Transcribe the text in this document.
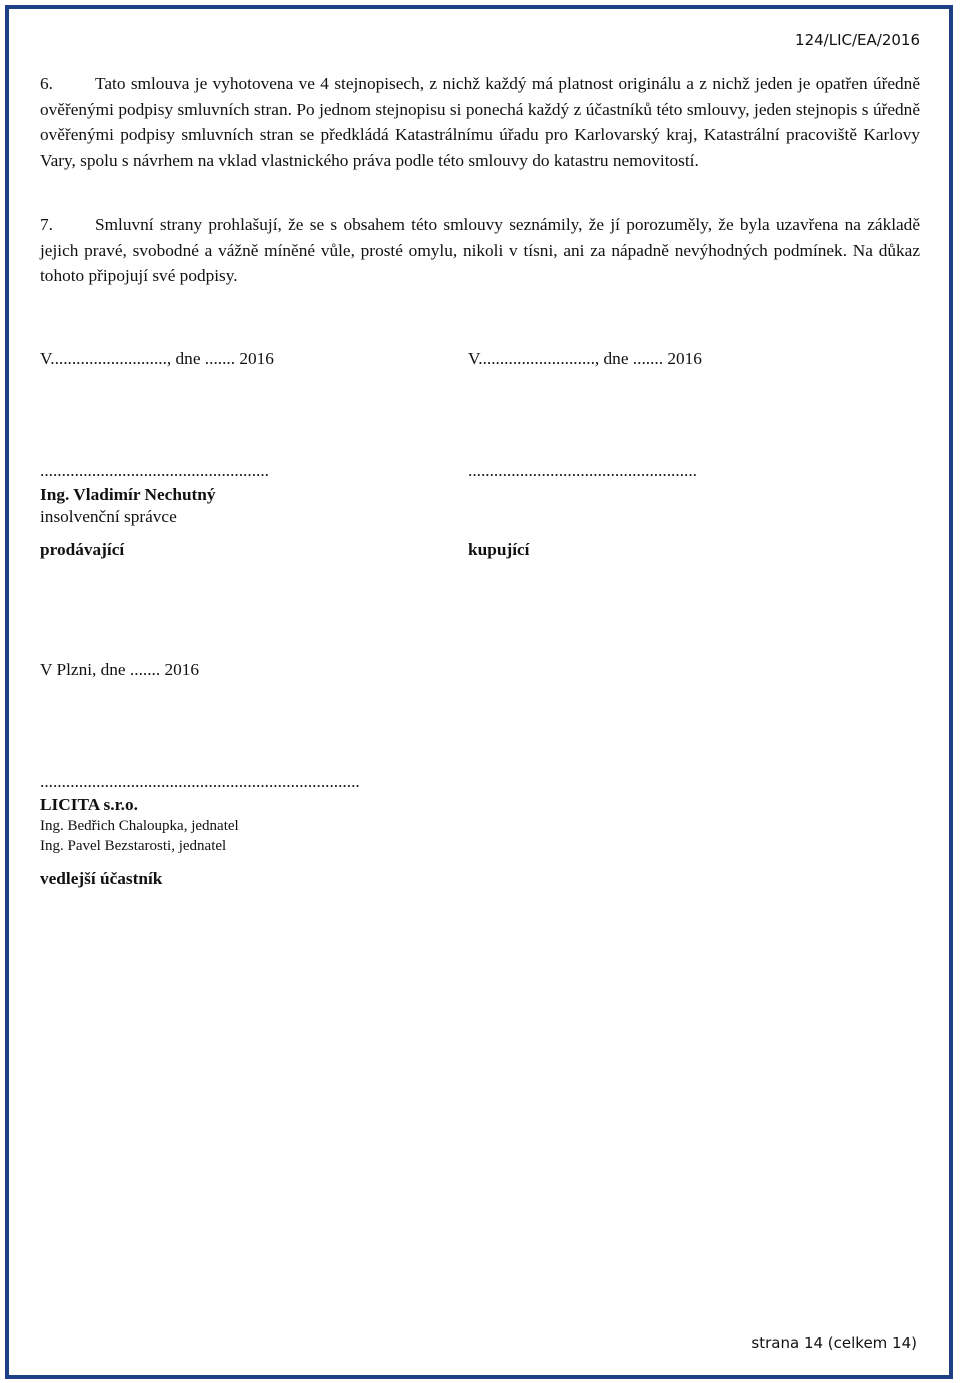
124/LIC/EA/2016

6. Tato smlouva je vyhotovena ve 4 stejnopisech, z nichž každý má platnost originálu a z nichž jeden je opatřen úředně ověřenými podpisy smluvních stran. Po jednom stejnopisu si ponechá každý z účastníků této smlouvy, jeden stejnopis s úředně ověřenými podpisy smluvních stran se předkládá Katastrálnímu úřadu pro Karlovarský kraj, Katastrální pracoviště Karlovy Vary, spolu s návrhem na vklad vlastnického práva podle této smlouvy do katastru nemovitostí.

7. Smluvní strany prohlašují, že se s obsahem této smlouvy seznámily, že jí porozuměly, že byla uzavřena na základě jejich pravé, svobodné a vážně míněné vůle, prosté omylu, nikoli v tísni, ani za nápadně nevýhodných podmínek. Na důkaz tohoto připojují své podpisy.

V..........................., dne ....... 2016
.....................................................
Ing. Vladimír Nechutný
insolvenční správce
prodávající
V..........................., dne ....... 2016
.....................................................
kupující
V Plzni, dne ....... 2016
..........................................................................
LICITA s.r.o.
Ing. Bedřich Chaloupka, jednatel
Ing. Pavel Bezstarosti, jednatel
vedlejší účastník
strana 14 (celkem 14)
